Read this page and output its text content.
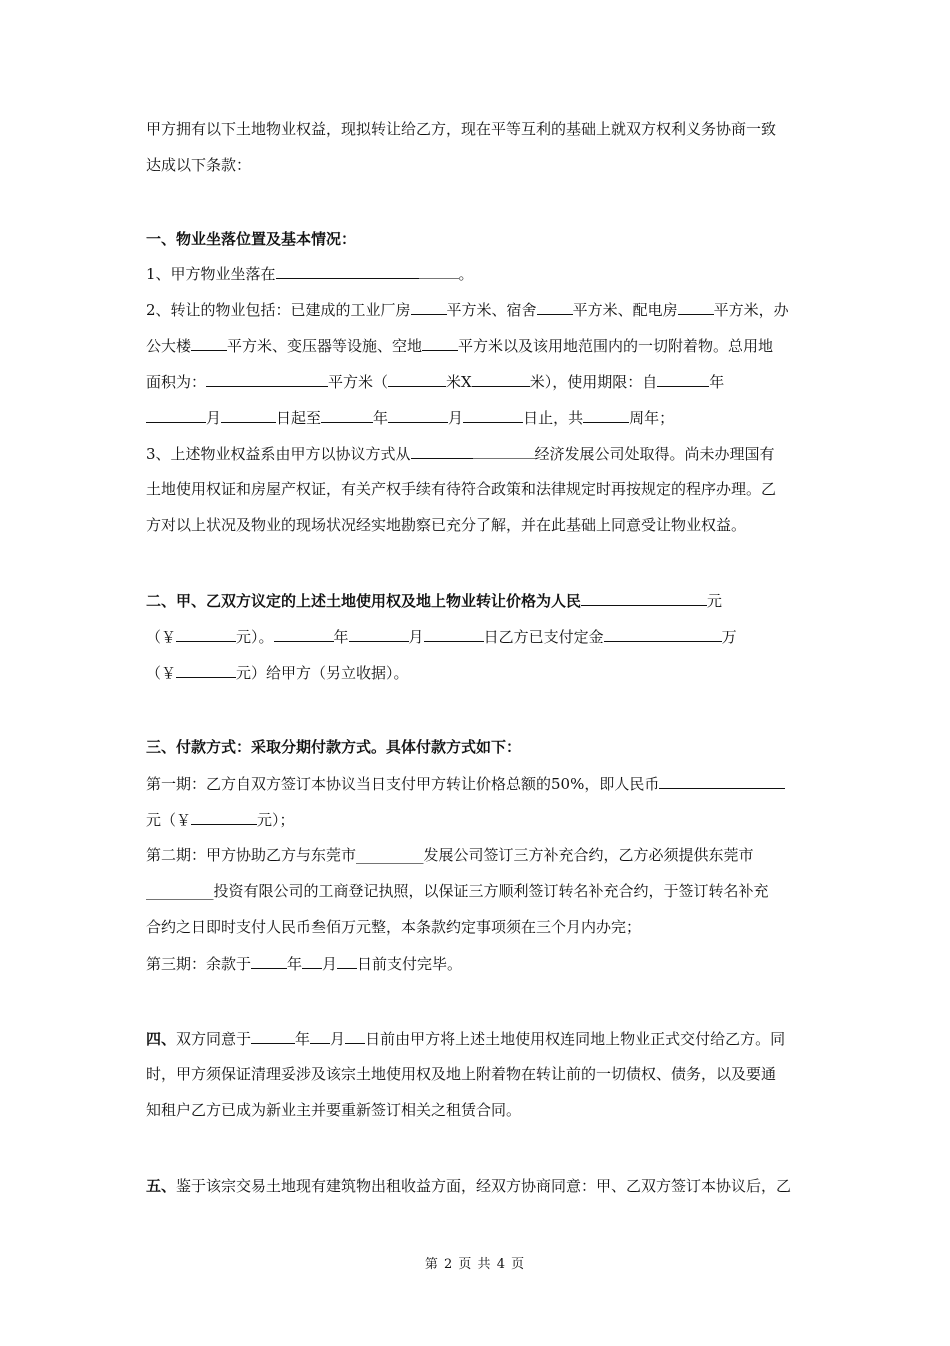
甲方拥有以下土地物业权益，现拟转让给乙方，现在平等互利的基础上就双方权利义务协商一致
达成以下条款：
一、物业坐落位置及基本情况：
1、甲方物业坐落在	。
2、转让的物业包括：已建成的工业厂房 平方米、宿舍 平方米、配电房 平方米，办
公大楼 平方米、变压器等设施、空地 平方米以及该用地范围内的一切附着物。总用地
面积为：	平方米（	米X	米），使用期限：自	年
月	日起至	年	月	日止，共	周年；
3、上述物业权益系由甲方以协议方式从	经济发展公司处取得。尚未办理国有
土地使用权证和房屋产权证，有关产权手续有待符合政策和法律规定时再按规定的程序办理。乙
方对以上状况及物业的现场状况经实地勘察已充分了解，并在此基础上同意受让物业权益。
二、甲、乙双方议定的上述土地使用权及地上物业转让价格为人民	元
（￥	元）。	年	月	日乙方已支付定金	万
（￥	元）给甲方（另立收据）。
三、付款方式：采取分期付款方式。具体付款方式如下：
第一期：乙方自双方签订本协议当日支付甲方转让价格总额的50%，即人民币
元（￥	元）；
第二期：甲方协助乙方与东莞市_________发展公司签订三方补充合约，乙方必须提供东莞市
_________投资有限公司的工商登记执照，以保证三方顺利签订转名补充合约，于签订转名补充
合约之日即时支付人民币叁佰万元整，本条款约定事项须在三个月内办完；
第三期：余款于 年 月 日前支付完毕。
四、双方同意于	年 月 日前由甲方将上述土地使用权连同地上物业正式交付给乙方。同
时，甲方须保证清理妥涉及该宗土地使用权及地上附着物在转让前的一切债权、债务，以及要通
知租户乙方已成为新业主并要重新签订相关之租赁合同。
五、鉴于该宗交易土地现有建筑物出租收益方面，经双方协商同意：甲、乙双方签订本协议后，乙
第 2 页 共 4 页
